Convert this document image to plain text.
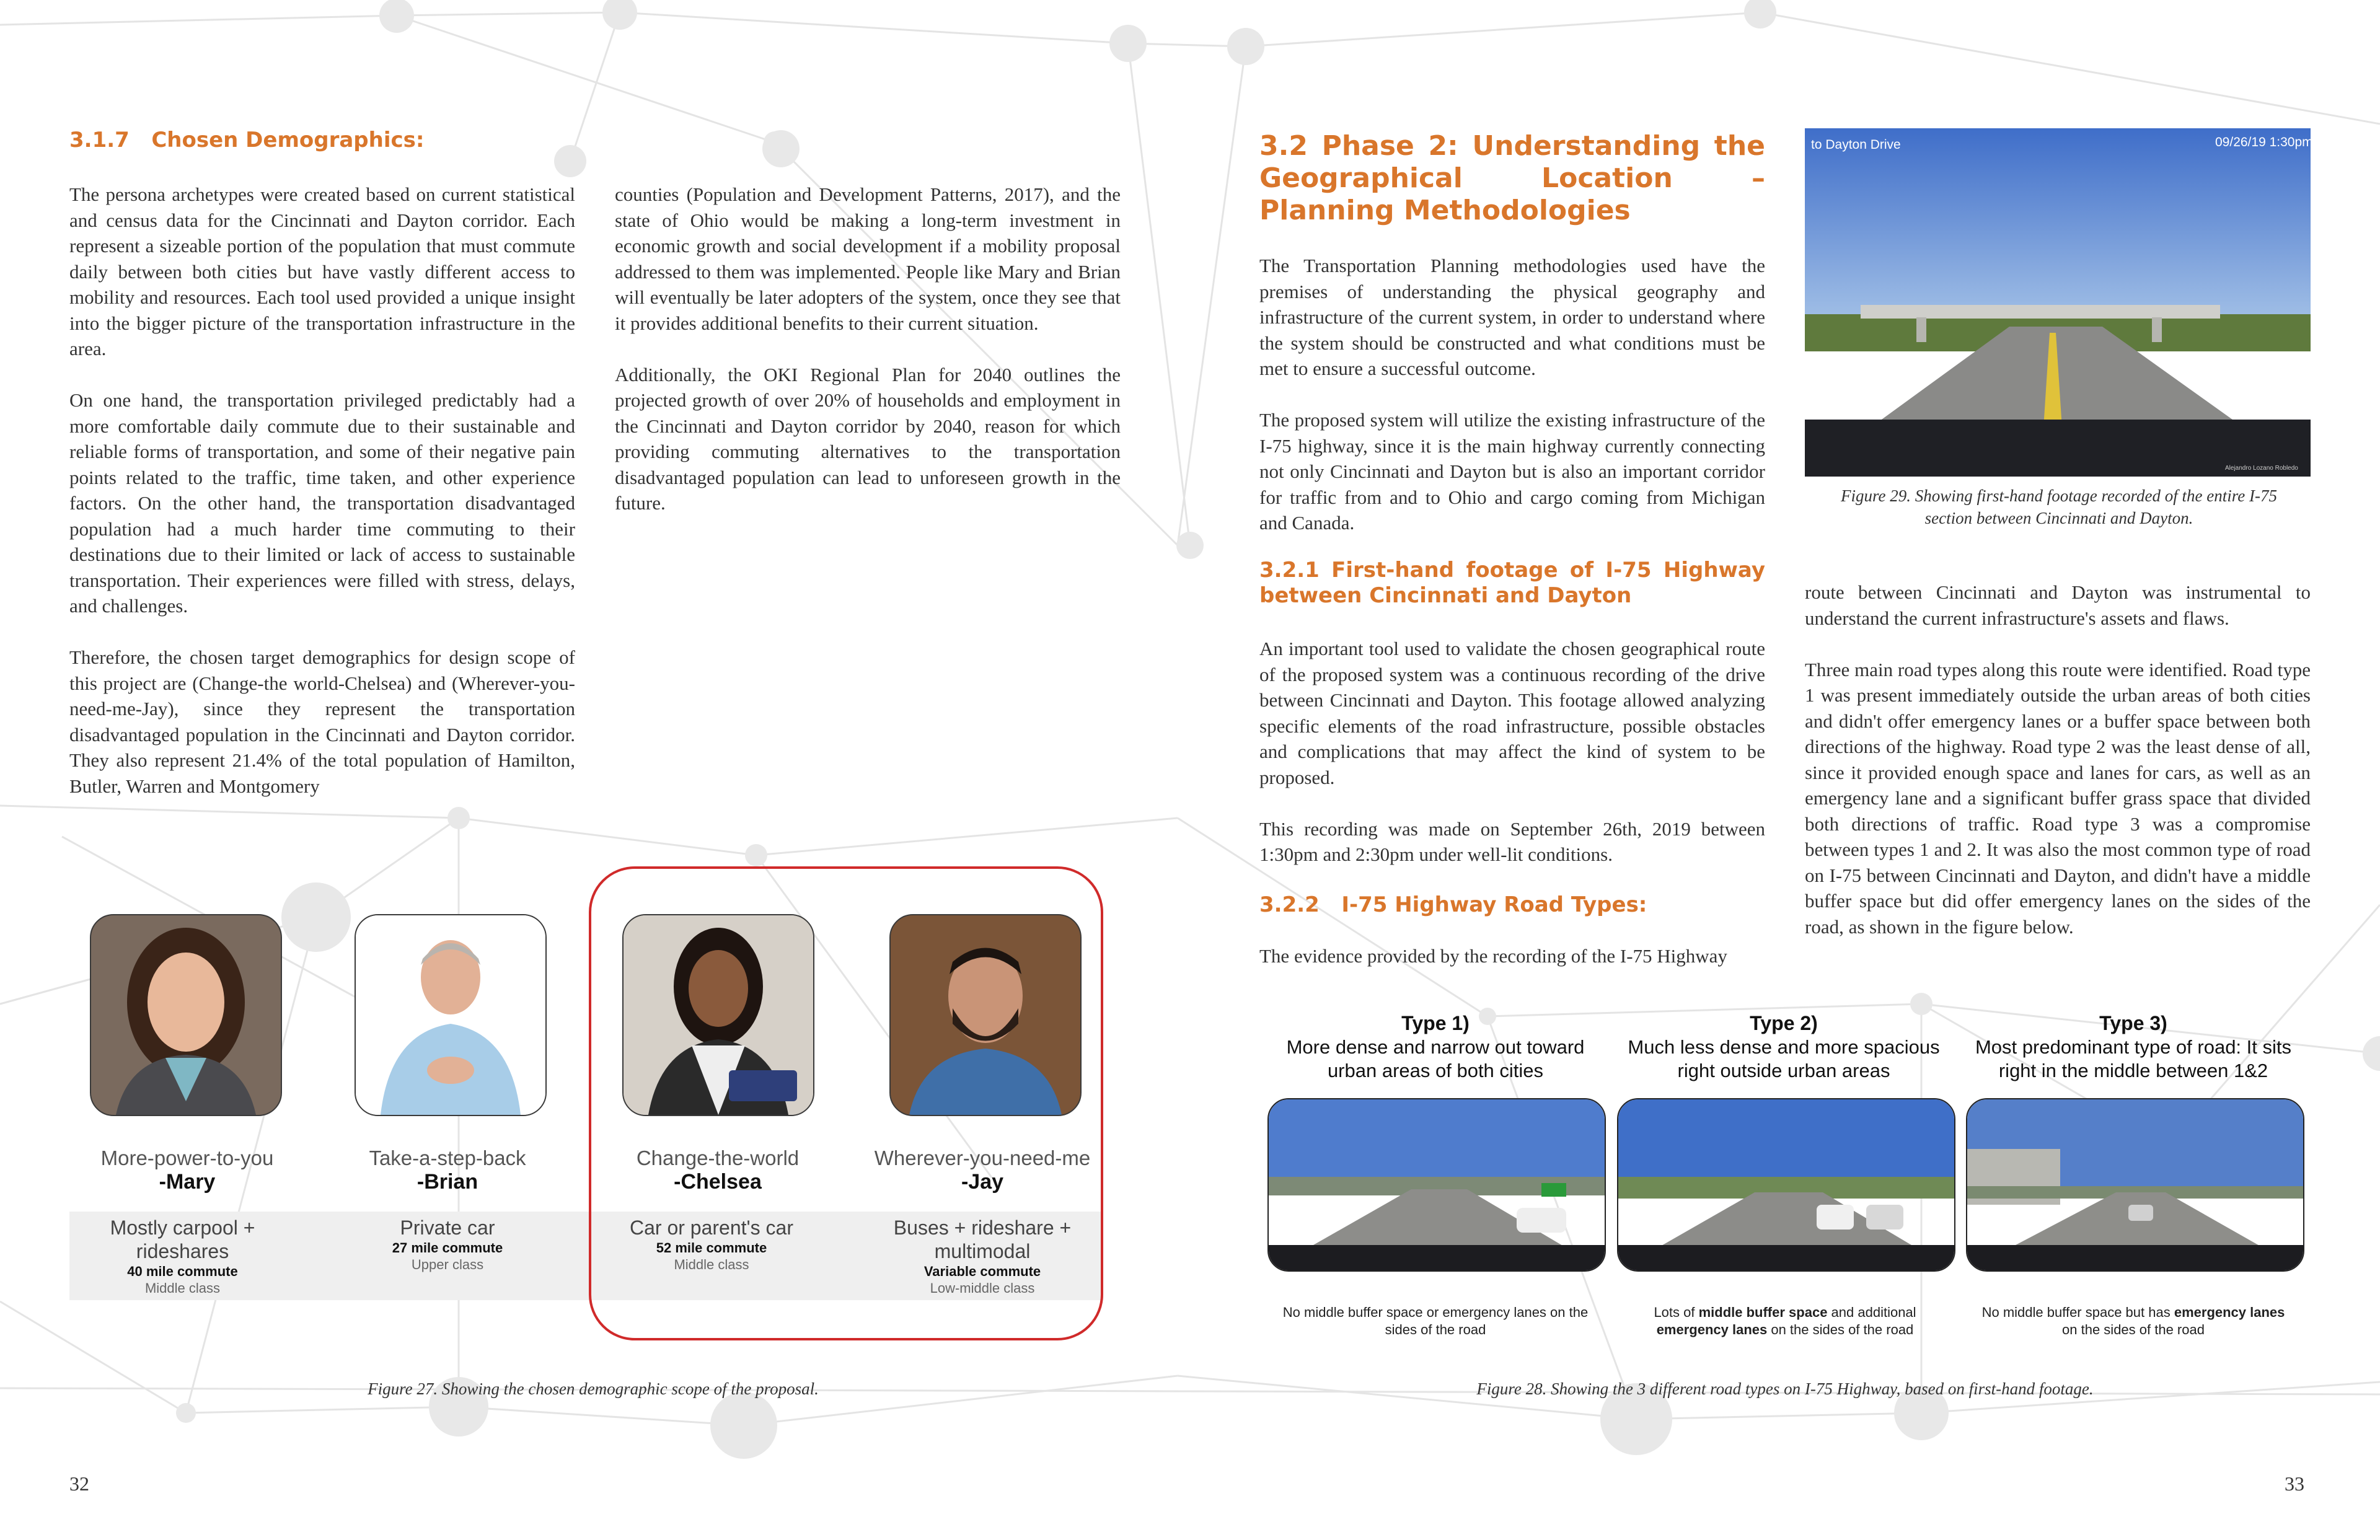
3.1.7   Chosen Demographics:

The persona archetypes were created based on current statistical and census data for the Cincinnati and Dayton corridor. Each represent a sizeable portion of the population that must commute daily between both cities but have vastly different access to mobility and resources. Each tool used provided a unique insight into the bigger picture of the transportation infrastructure in the area.

On one hand, the transportation privileged predictably had a more comfortable daily commute due to their sustainable and reliable forms of transportation, and some of their negative pain points related to the traffic, time taken, and other experience factors. On the other hand, the transportation disadvantaged population had a much harder time commuting to their destinations due to their limited or lack of access to sustainable transportation. Their experiences were filled with stress, delays, and challenges.

Therefore, the chosen target demographics for design scope of this project are (Change-the world-Chelsea) and (Wherever-you-need-me-Jay), since they represent the transportation disadvantaged population in the Cincinnati and Dayton corridor. They also represent 21.4% of the total population of Hamilton, Butler, Warren and Montgomery

counties (Population and Development Patterns, 2017), and the state of Ohio would be making a long-term investment in economic growth and social development if a mobility proposal addressed to them was implemented. People like Mary and Brian will eventually be later adopters of the system, once they see that it provides additional benefits to their current situation.

Additionally, the OKI Regional Plan for 2040 outlines the projected growth of over 20% of households and employment in the Cincinnati and Dayton corridor by 2040, reason for which providing commuting alternatives to the transportation disadvantaged population can lead to unforeseen growth in the future.

More-power-to-you
-Mary
Take-a-step-back
-Brian
Change-the-world
-Chelsea
Wherever-you-need-me
-Jay
Mostly carpool + rideshares
40 mile commute
Middle class
Private car
27 mile commute
Upper class
Car or parent's car
52 mile commute
Middle class
Buses + rideshare + multimodal
Variable commute
Low-middle class
Figure 27. Showing the chosen demographic scope of the proposal.
32
3.2 Phase 2: Understanding the Geographical Location – Planning Methodologies

The Transportation Planning methodologies used have the premises of understanding the physical geography and infrastructure of the current system, in order to understand where the system should be constructed and what conditions must be met to ensure a successful outcome.

The proposed system will utilize the existing infrastructure of the I-75 highway, since it is the main highway currently connecting not only Cincinnati and Dayton but is also an important corridor for traffic from and to Ohio and cargo coming from Michigan and Canada.

3.2.1 First-hand footage of I-75 Highway between Cincinnati and Dayton

An important tool used to validate the chosen geographical route of the proposed system was a continuous recording of the drive between Cincinnati and Dayton. This footage allowed analyzing specific elements of the road infrastructure, possible obstacles and complications that may affect the kind of system to be proposed.

This recording was made on September 26th, 2019 between 1:30pm and 2:30pm under well-lit conditions.

3.2.2   I-75 Highway Road Types:
The evidence provided by the recording of the I-75 Highway
to Dayton Drive	09/26/19 1:30pm
Alejandro Lozano Robledo
Figure 29. Showing first-hand footage recorded of the entire I-75 section between Cincinnati and Dayton.

route between Cincinnati and Dayton was instrumental to understand the current infrastructure's assets and flaws.

Three main road types along this route were identified. Road type 1 was present immediately outside the urban areas of both cities and didn't offer emergency lanes or a buffer space between both directions of the highway. Road type 2 was the least dense of all, since it provided enough space and lanes for cars, as well as an emergency lane and a significant buffer grass space that divided both directions of traffic. Road type 3 was a compromise between types 1 and 2. It was also the most common type of road on I-75 between Cincinnati and Dayton, and didn't have a middle buffer space but did offer emergency lanes on the sides of the road, as shown in the figure below.

Type 1)
More dense and narrow out toward urban areas of both cities
Type 2)
Much less dense and more spacious right outside urban areas
Type 3)
Most predominant type of road: It sits right in the middle between 1&2
No middle buffer space or emergency lanes on the sides of the road
Lots of middle buffer space and additional
emergency lanes on the sides of the road
No middle buffer space but has emergency lanes
on the sides of the road
Figure 28. Showing the 3 different road types on I-75 Highway, based on first-hand footage.
33
